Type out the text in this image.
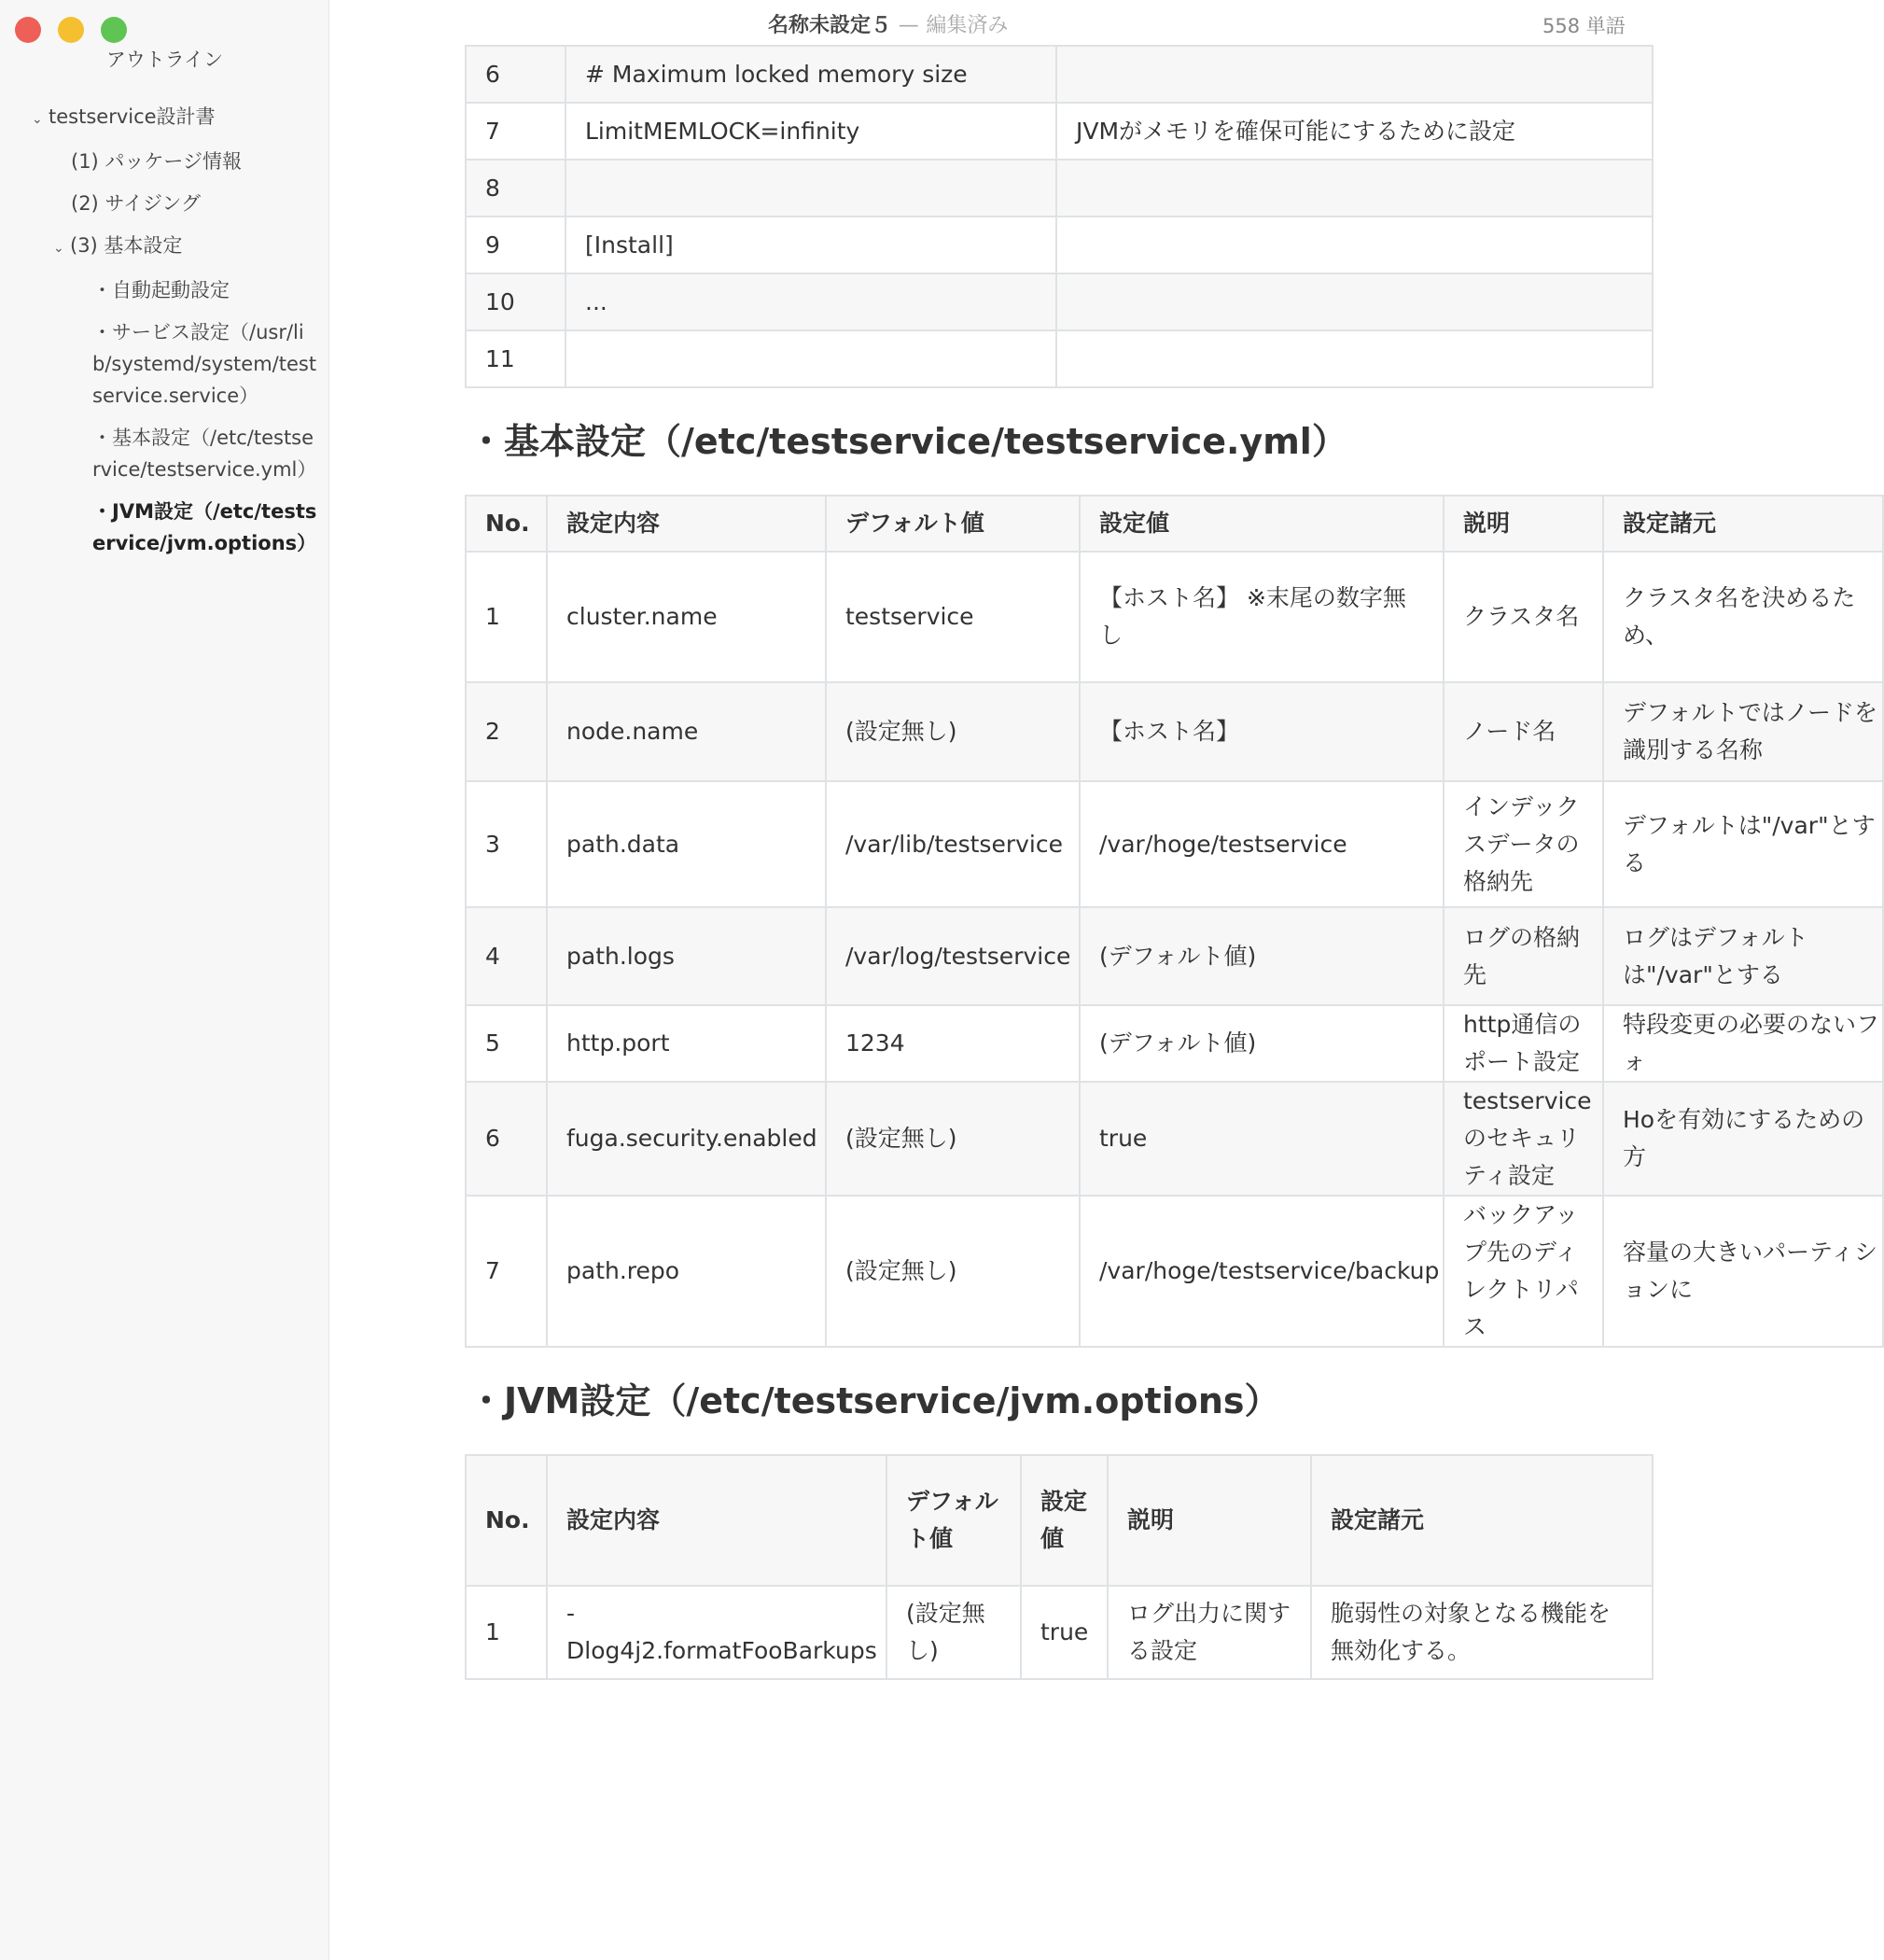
アウトライン
⌄ testservice設計書
(1) パッケージ情報
(2) サイジング
⌄ (3) 基本設定
・自動起動設定
・サービス設定（/usr/lib/systemd/system/testservice.service）
・基本設定（/etc/testservice/testservice.yml）
・JVM設定（/etc/testservice/jvm.options）
名称未設定５ — 編集済み	558 単語
6	# Maximum locked memory size	
7	LimitMEMLOCK=infinity	JVMがメモリを確保可能にするために設定
8		
9	[Install]	
10	...	
11		
・基本設定（/etc/testservice/testservice.yml）
No.	設定内容	デフォルト値	設定値	説明	設定諸元
1	cluster.name	testservice	【ホスト名】 ※末尾の数字無し	クラスタ名	クラスタ名を決めるため、
2	node.name	(設定無し)	【ホスト名】	ノード名	デフォルトではノードを識別する名称
3	path.data	/var/lib/testservice	/var/hoge/testservice	インデックスデータの格納先	デフォルトは"/var"とする
4	path.logs	/var/log/testservice	(デフォルト値)	ログの格納先	ログはデフォルトは"/var"とする
5	http.port	1234	(デフォルト値)	http通信のポート設定	特段変更の必要のないフォ
6	fuga.security.enabled	(設定無し)	true	testserviceのセキュリティ設定	Hoを有効にするための方
7	path.repo	(設定無し)	/var/hoge/testservice/backup	バックアップ先のディレクトリパス	容量の大きいパーティションに
・JVM設定（/etc/testservice/jvm.options）
No.	設定内容	デフォルト値	設定値	説明	設定諸元
1	-Dlog4j2.formatFooBarkups	(設定無し)	true	ログ出力に関する設定	脆弱性の対象となる機能を無効化する。
